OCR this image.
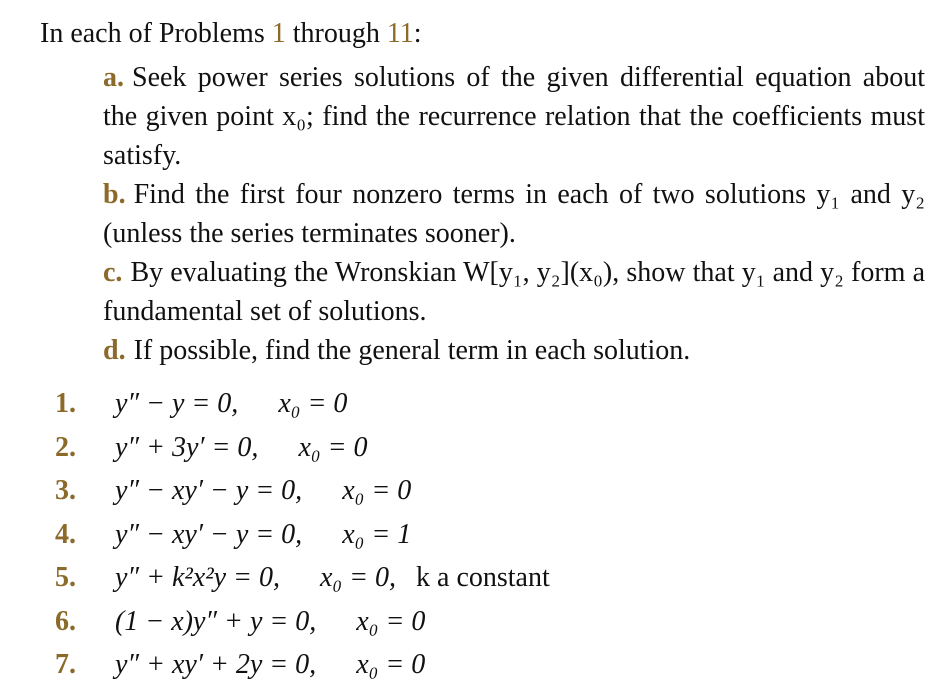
In each of Problems 1 through 11:
a. Seek power series solutions of the given differential equation about the given point x₀; find the recurrence relation that the coefficients must satisfy.
b. Find the first four nonzero terms in each of two solutions y₁ and y₂ (unless the series terminates sooner).
c. By evaluating the Wronskian W[y₁, y₂](x₀), show that y₁ and y₂ form a fundamental set of solutions.
d. If possible, find the general term in each solution.
1. y″ − y = 0, x₀ = 0
2. y″ + 3y′ = 0, x₀ = 0
3. y″ − xy′ − y = 0, x₀ = 0
4. y″ − xy′ − y = 0, x₀ = 1
5. y″ + k²x²y = 0, x₀ = 0, k a constant
6. (1 − x)y″ + y = 0, x₀ = 0
7. y″ + xy′ + 2y = 0, x₀ = 0
